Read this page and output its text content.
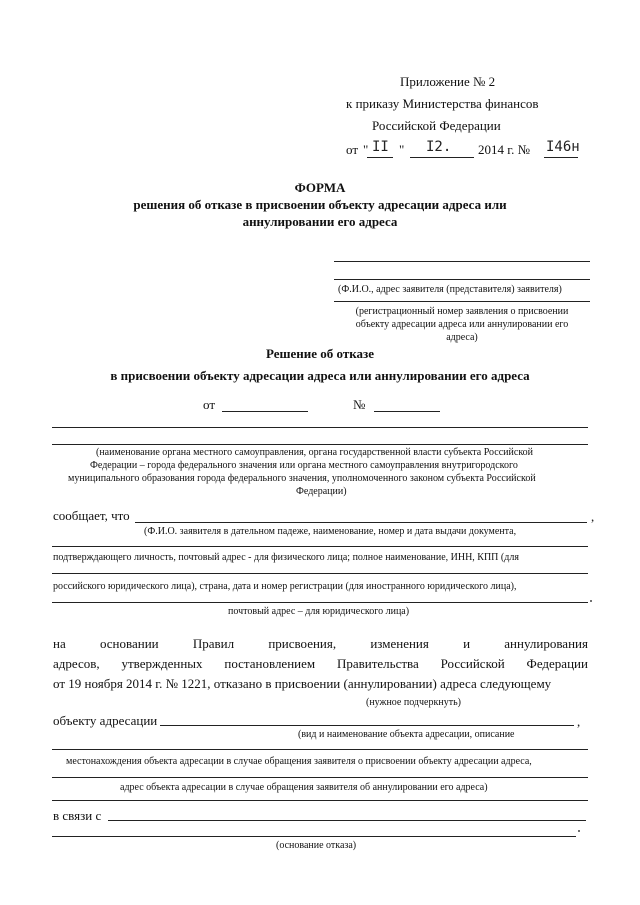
Приложение № 2
к приказу Министерства финансов
Российской Федерации
от " II " I2. 2014 г. № I46н
ФОРМА
решения об отказе в присвоении объекту адресации адреса или
аннулировании его адреса
(Ф.И.О., адрес заявителя (представителя) заявителя)
(регистрационный номер заявления о присвоении
объекту адресации адреса или аннулировании его
адреса)
Решение об отказе
в присвоении объекту адресации адреса или аннулировании его адреса
от	№
(наименование органа местного самоуправления, органа государственной власти субъекта Российской
Федерации – города федерального значения или органа местного самоуправления внутригородского
муниципального образования города федерального значения, уполномоченного законом субъекта Российской
Федерации)
сообщает, что	,
(Ф.И.О. заявителя в дательном падеже, наименование, номер и дата выдачи документа,
подтверждающего личность, почтовый адрес - для физического лица; полное наименование, ИНН, КПП (для
российского юридического лица), страна, дата и номер регистрации (для иностранного юридического лица),
почтовый адрес – для юридического лица)
на	основании	Правил	присвоения,	изменения	и	аннулирования
адресов, утвержденных постановлением Правительства Российской Федерации
от 19 ноября 2014 г. № 1221, отказано в присвоении (аннулировании) адреса следующему
(нужное подчеркнуть)
объекту адресации	,
(вид и наименование объекта адресации, описание
местонахождения объекта адресации в случае обращения заявителя о присвоении объекту адресации адреса,
адрес объекта адресации в случае обращения заявителя об аннулировании его адреса)
в связи с
(основание отказа)
